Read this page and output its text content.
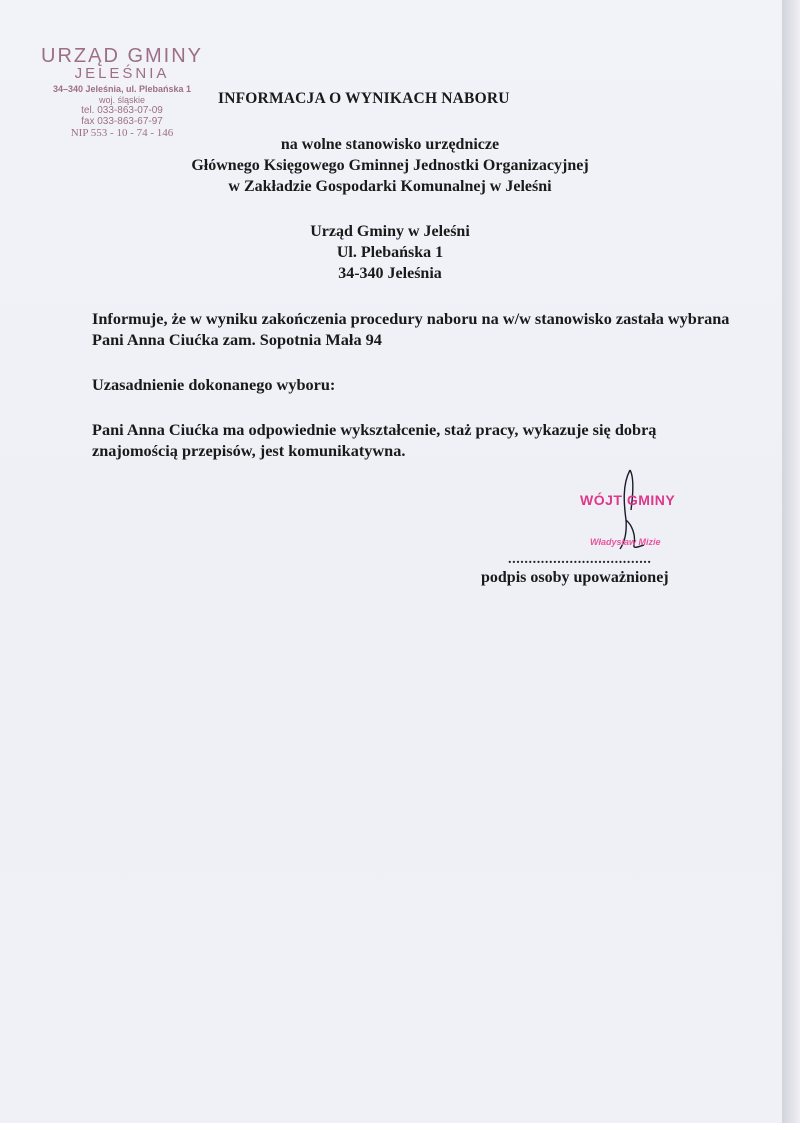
URZĄD GMINY
JELEŚNIA
34–340 Jeleśnia, ul. Plebańska 1
woj. śląskie
tel. 033-863-07-09
fax 033-863-67-97
NIP 553 - 10 - 74 - 146
INFORMACJA O WYNIKACH NABORU
na wolne stanowisko urzędnicze
Głównego Księgowego Gminnej Jednostki Organizacyjnej
w Zakładzie Gospodarki Komunalnej w Jeleśni
Urząd Gminy w Jeleśni
Ul. Plebańska 1
34-340 Jeleśnia
Informuje, że w wyniku zakończenia procedury naboru na w/w stanowisko zastała wybrana Pani Anna Ciućka zam. Sopotnia Mała 94
Uzasadnienie dokonanego wyboru:
Pani Anna Ciućka ma odpowiednie wykształcenie, staż pracy, wykazuje się dobrą znajomością przepisów, jest komunikatywna.
WÓJT GMINY
Władysław Mizie
...................................
podpis osoby upoważnionej
